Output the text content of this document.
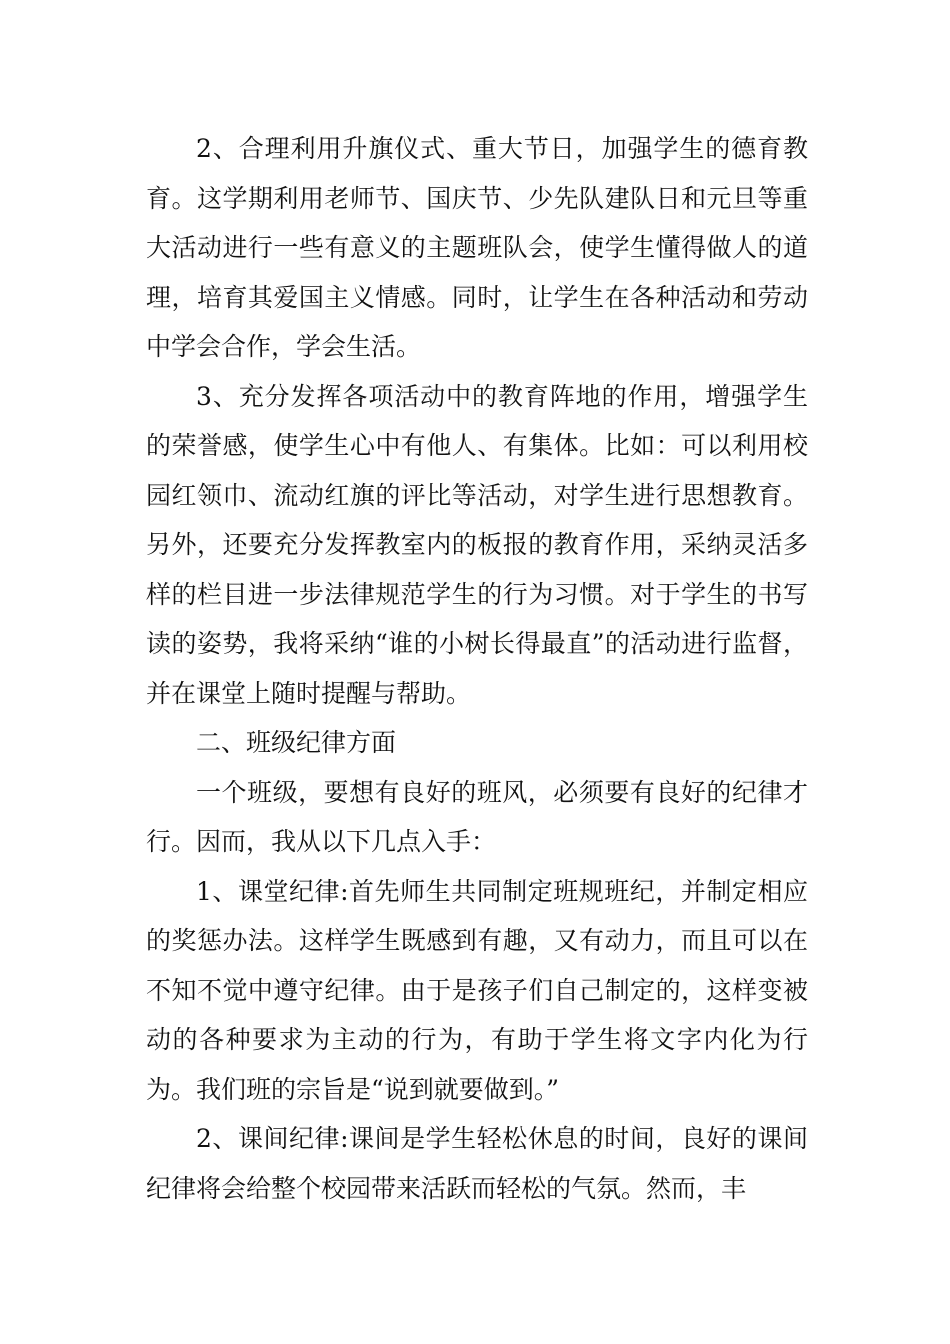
2、合理利用升旗仪式、重大节日，加强学生的德育教育。这学期利用老师节、国庆节、少先队建队日和元旦等重大活动进行一些有意义的主题班队会，使学生懂得做人的道理，培育其爱国主义情感。同时，让学生在各种活动和劳动中学会合作，学会生活。

3、充分发挥各项活动中的教育阵地的作用，增强学生的荣誉感，使学生心中有他人、有集体。比如：可以利用校园红领巾、流动红旗的评比等活动，对学生进行思想教育。另外，还要充分发挥教室内的板报的教育作用，采纳灵活多样的栏目进一步法律规范学生的行为习惯。对于学生的书写读的姿势，我将采纳“谁的小树长得最直”的活动进行监督，并在课堂上随时提醒与帮助。

二、班级纪律方面

一个班级，要想有良好的班风，必须要有良好的纪律才行。因而，我从以下几点入手：

1、课堂纪律:首先师生共同制定班规班纪，并制定相应的奖惩办法。这样学生既感到有趣，又有动力，而且可以在不知不觉中遵守纪律。由于是孩子们自己制定的，这样变被动的各种要求为主动的行为，有助于学生将文字内化为行为。我们班的宗旨是“说到就要做到。”

2、课间纪律:课间是学生轻松休息的时间，良好的课间纪律将会给整个校园带来活跃而轻松的气氛。然而，丰
